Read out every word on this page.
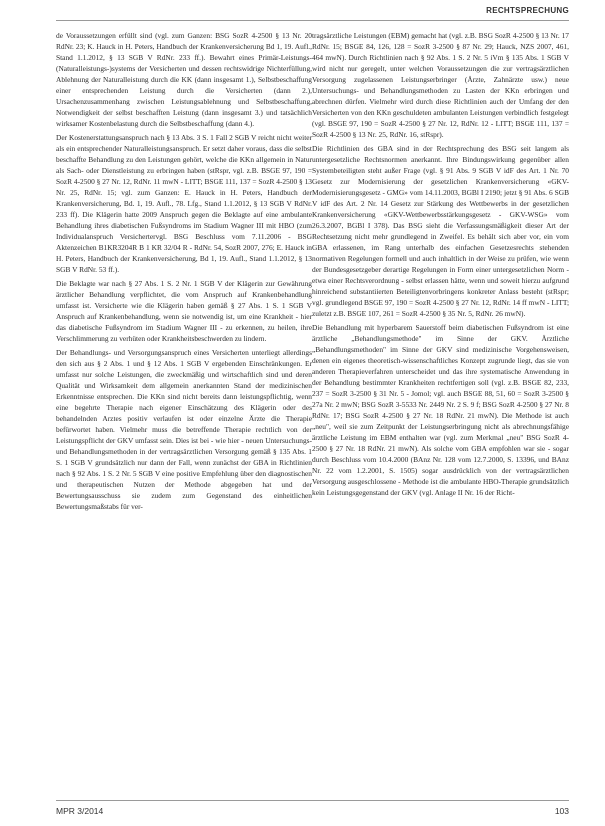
RECHTSPRECHUNG

de Voraussetzungen erfüllt sind (vgl. zum Ganzen: BSG SozR 4-2500 § 13 Nr. 20 RdNr. 23; K. Hauck in H. Peters, Handbuch der Krankenversicherung Bd 1, 19. Aufl., Stand 1.1.2012, § 13 SGB V RdNr. 233 ff.). Bewahrt eines Primär-Leistungs-(Naturalleistungs-)systems der Versicherten und dessen rechtswidrige Nichterfüllung, Ablehnung der Naturalleistung durch die KK (dann insgesamt 1.), Selbstbeschaffung einer entsprechenden Leistung durch die Versicherten (dann 2.), Ursachenzusammenhang zwischen Leistungsablehnung und Selbstbeschaffung, Notwendigkeit der selbst beschafften Leistung (dann insgesamt 3.) und tatsächlich wirksamer Kostenbelastung durch die Selbstbeschaffung (dann 4.).

Der Kostenerstattungsanspruch nach § 13 Abs. 3 S. 1 Fall 2 SGB V reicht nicht weiter als ein entsprechender Naturalleistungsanspruch. Er setzt daher voraus, dass die selbst beschaffte Behandlung zu den Leistungen gehört, welche die KKn allgemein in Natur als Sach- oder Dienstleistung zu erbringen haben (stRspr, vgl. z.B. BSGE 97, 190 = SozR 4-2500 § 27 Nr. 12, RdNr. 11 mwN - LITT; BSGE 111, 137 = SozR 4-2500 § 13 Nr. 25, RdNr. 15; vgl. zum Ganzen: E. Hauck in H. Peters, Handbuch der Krankenversicherung, Bd. 1, 19. Aufl., 78. Lfg., Stand 1.1.2012, § 13 SGB V RdNr. 233 ff). Die Klägerin hatte 2009 Anspruch gegen die Beklagte auf eine ambulante Behandlung ihres diabetischen Fußsyndroms im Stadium Wagner III mit HBO (zum Individualanspruch Versichertervgl. BSG Beschluss vom 7.11.2006 - BSG Aktenzeichen B1KR3204R B 1 KR 32/04 R - RdNr. 54, SozR 2007, 276; E. Hauck in H. Peters, Handbuch der Krankenversicherung, Bd 1, 19. Aufl., Stand 1.1.2012, § 13 SGB V RdNr. 53 ff.).

Die Beklagte war nach § 27 Abs. 1 S. 2 Nr. 1 SGB V der Klägerin zur Gewährung ärztlicher Behandlung verpflichtet, die vom Anspruch auf Krankenbehandlung umfasst ist. Versicherte wie die Klägerin haben gemäß § 27 Abs. 1 S. 1 SGB V Anspruch auf Krankenbehandlung, wenn sie notwendig ist, um eine Krankheit - hier das diabetische Fußsyndrom im Stadium Wagner III - zu erkennen, zu heilen, ihre Verschlimmerung zu verhüten oder Krankheitsbeschwerden zu lindern.

Der Behandlungs- und Versorgungsanspruch eines Versicherten unterliegt allerdings den sich aus § 2 Abs. 1 und § 12 Abs. 1 SGB V ergebenden Einschränkungen. Er umfasst nur solche Leistungen, die zweckmäßig und wirtschaftlich sind und deren Qualität und Wirksamkeit dem allgemein anerkannten Stand der medizinischen Erkenntnisse entsprechen. Die KKn sind nicht bereits dann leistungspflichtig, wenn eine begehrte Therapie nach eigener Einschätzung des Klägerin oder des behandelnden Arztes positiv verlaufen ist oder einzelne Ärzte die Therapie befürwortet haben. Vielmehr muss die betreffende Therapie rechtlich von der Leistungspflicht der GKV umfasst sein. Dies ist bei - wie hier - neuen Untersuchungs- und Behandlungsmethoden in der vertragsärztlichen Versorgung gemäß § 135 Abs. 1 S. 1 SGB V grundsätzlich nur dann der Fall, wenn zunächst der GBA in Richtlinien nach § 92 Abs. 1 S. 2 Nr. 5 SGB V eine positive Empfehlung über den diagnostischen und therapeutischen Nutzen der Methode abgegeben hat und der Bewertungsausschuss sie zudem zum Gegenstand des einheitlichen Bewertungsmaßstabs für ver-

tragsärztliche Leistungen (EBM) gemacht hat (vgl. z.B. BSG SozR 4-2500 § 13 Nr. 17 RdNr. 15; BSGE 84, 126, 128 = SozR 3-2500 § 87 Nr. 29; Hauck, NZS 2007, 461, 464 mwN). Durch Richtlinien nach § 92 Abs. 1 S. 2 Nr. 5 iVm § 135 Abs. 1 SGB V wird nicht nur geregelt, unter welchen Voraussetzungen die zur vertragsärztlichen Versorgung zugelassenen Leistungserbringer (Ärzte, Zahnärzte usw.) neue Untersuchungs- und Behandlungsmethoden zu Lasten der KKn erbringen und abrechnen dürfen. Vielmehr wird durch diese Richtlinien auch der Umfang der den Versicherten von den KKn geschuldeten ambulanten Leistungen verbindlich festgelegt (vgl. BSGE 97, 190 = SozR 4-2500 § 27 Nr. 12, RdNr. 12 - LITT; BSGE 111, 137 = SozR 4-2500 § 13 Nr. 25, RdNr. 16, stRspr).

Die Richtlinien des GBA sind in der Rechtsprechung des BSG seit langem als untergesetzliche Rechtsnormen anerkannt. Ihre Bindungswirkung gegenüber allen Systembeteiligten steht außer Frage (vgl. § 91 Abs. 9 SGB V idF des Art. 1 Nr. 70 Gesetz zur Modernisierung der gesetzlichen Krankenversicherung «GKV-Modernisierungsgesetz - GMG» vom 14.11.2003, BGBl I 2190; jetzt § 91 Abs. 6 SGB V idF des Art. 2 Nr. 14 Gesetz zur Stärkung des Wettbewerbs in der gesetzlichen Krankenversicherung «GKV-Wettbewerbsstärkungsgesetz - GKV-WSG» vom 26.3.2007, BGBl I 378). Das BSG sieht die Verfassungsmäßigkeit dieser Art der Rechtsetzung nicht mehr grundlegend in Zweifel. Es behält sich aber vor, ein vom GBA erlassenen, im Rang unterhalb des einfachen Gesetzesrechts stehenden normativen Regelungen formell und auch inhaltlich in der Weise zu prüfen, wie wenn der Bundesgesetzgeber derartige Regelungen in Form einer untergesetzlichen Norm - etwa einer Rechtsverordnung - selbst erlassen hätte, wenn und soweit hierzu aufgrund hinreichend substantiierten Beteiligtenvorbringens konkreter Anlass besteht (stRspr; vgl. grundlegend BSGE 97, 190 = SozR 4-2500 § 27 Nr. 12, RdNr. 14 ff mwN - LITT; zuletzt z.B. BSGE 107, 261 = SozR 4-2500 § 35 Nr. 5, RdNr. 26 mwN).

Die Behandlung mit hyperbarem Sauerstoff beim diabetischen Fußsyndrom ist eine ärztliche „Behandlungsmethode" im Sinne der GKV. Ärztliche „Behandlungsmethoden" im Sinne der GKV sind medizinische Vorgehensweisen, denen ein eigenes theoretisch-wissenschaftliches Konzept zugrunde liegt, das sie von anderen Therapieverfahren unterscheidet und das ihre systematische Anwendung in der Behandlung bestimmter Krankheiten rechtfertigen soll (vgl. z.B. BSGE 82, 233, 237 = SozR 3-2500 § 31 Nr. 5 - Jomol; vgl. auch BSGE 88, 51, 60 = SozR 3-2500 § 27a Nr. 2 mwN; BSG SozR 3-5533 Nr. 2449 Nr. 2 S. 9 f; BSG SozR 4-2500 § 27 Nr. 8 RdNr. 17; BSG SozR 4-2500 § 27 Nr. 18 RdNr. 21 mwN). Die Methode ist auch „neu", weil sie zum Zeitpunkt der Leistungserbringung nicht als abrechnungsfähige ärztliche Leistung im EBM enthalten war (vgl. zum Merkmal „neu" BSG SozR 4-2500 § 27 Nr. 18 RdNr. 21 mwN). Als solche vom GBA empfohlen war sie - sogar durch Beschluss vom 10.4.2000 (BAnz Nr. 128 vom 12.7.2000, S. 13396, und BAnz Nr. 22 vom 1.2.2001, S. 1505) sogar ausdrücklich von der vertragsärztlichen Versorgung ausgeschlossene - Methode ist die ambulante HBO-Therapie grundsätzlich kein Leistungsgegenstand der GKV (vgl. Anlage II Nr. 16 der Richt-

MPR 3/2014	103
